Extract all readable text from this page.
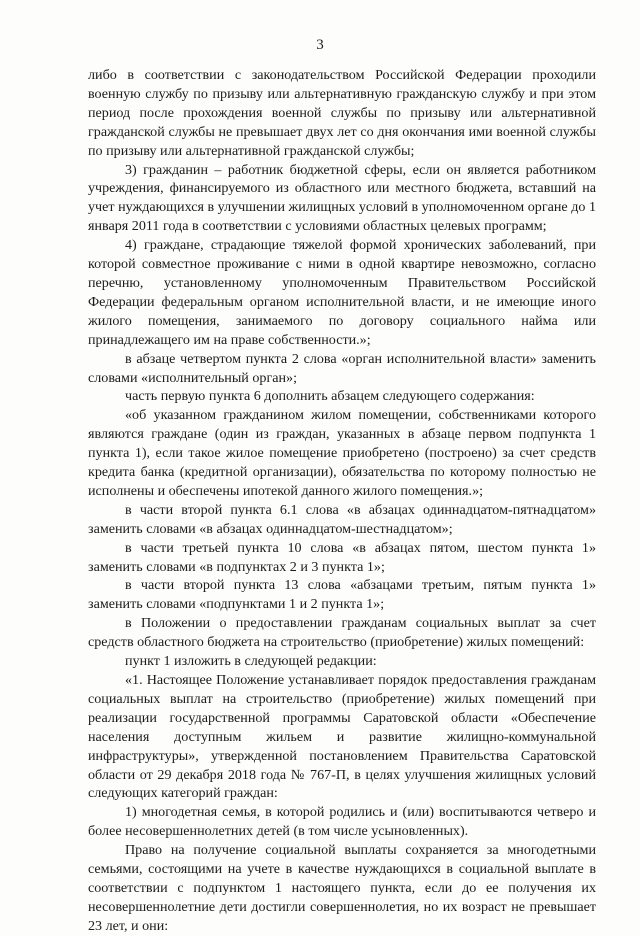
3

либо в соответствии с законодательством Российской Федерации проходили военную службу по призыву или альтернативную гражданскую службу и при этом период после прохождения военной службы по призыву или альтернативной гражданской службы не превышает двух лет со дня окончания ими военной службы по призыву или альтернативной гражданской службы;

3) гражданин – работник бюджетной сферы, если он является работником учреждения, финансируемого из областного или местного бюджета, вставший на учет нуждающихся в улучшении жилищных условий в уполномоченном органе до 1 января 2011 года в соответствии с условиями областных целевых программ;

4) граждане, страдающие тяжелой формой хронических заболеваний, при которой совместное проживание с ними в одной квартире невозможно, согласно перечню, установленному уполномоченным Правительством Российской Федерации федеральным органом исполнительной власти, и не имеющие иного жилого помещения, занимаемого по договору социального найма или принадлежащего им на праве собственности.»;

в абзаце четвертом пункта 2 слова «орган исполнительной власти» заменить словами «исполнительный орган»;

часть первую пункта 6 дополнить абзацем следующего содержания:

«об указанном гражданином жилом помещении, собственниками которого являются граждане (один из граждан, указанных в абзаце первом подпункта 1 пункта 1), если такое жилое помещение приобретено (построено) за счет средств кредита банка (кредитной организации), обязательства по которому полностью не исполнены и обеспечены ипотекой данного жилого помещения.»;

в части второй пункта 6.1 слова «в абзацах одиннадцатом-пятнадцатом» заменить словами «в абзацах одиннадцатом-шестнадцатом»;

в части третьей пункта 10 слова «в абзацах пятом, шестом пункта 1» заменить словами «в подпунктах 2 и 3 пункта 1»;

в части второй пункта 13 слова «абзацами третьим, пятым пункта 1» заменить словами «подпунктами 1 и 2 пункта 1»;

в Положении о предоставлении гражданам социальных выплат за счет средств областного бюджета на строительство (приобретение) жилых помещений:

пункт 1 изложить в следующей редакции:

«1. Настоящее Положение устанавливает порядок предоставления гражданам социальных выплат на строительство (приобретение) жилых помещений при реализации государственной программы Саратовской области «Обеспечение населения доступным жильем и развитие жилищно-коммунальной инфраструктуры», утвержденной постановлением Правительства Саратовской области от 29 декабря 2018 года № 767-П, в целях улучшения жилищных условий следующих категорий граждан:

1) многодетная семья, в которой родились и (или) воспитываются четверо и более несовершеннолетних детей (в том числе усыновленных).

Право на получение социальной выплаты сохраняется за многодетными семьями, состоящими на учете в качестве нуждающихся в социальной выплате в соответствии с подпунктом 1 настоящего пункта, если до ее получения их несовершеннолетние дети достигли совершеннолетия, но их возраст не превышает 23 лет, и они:
